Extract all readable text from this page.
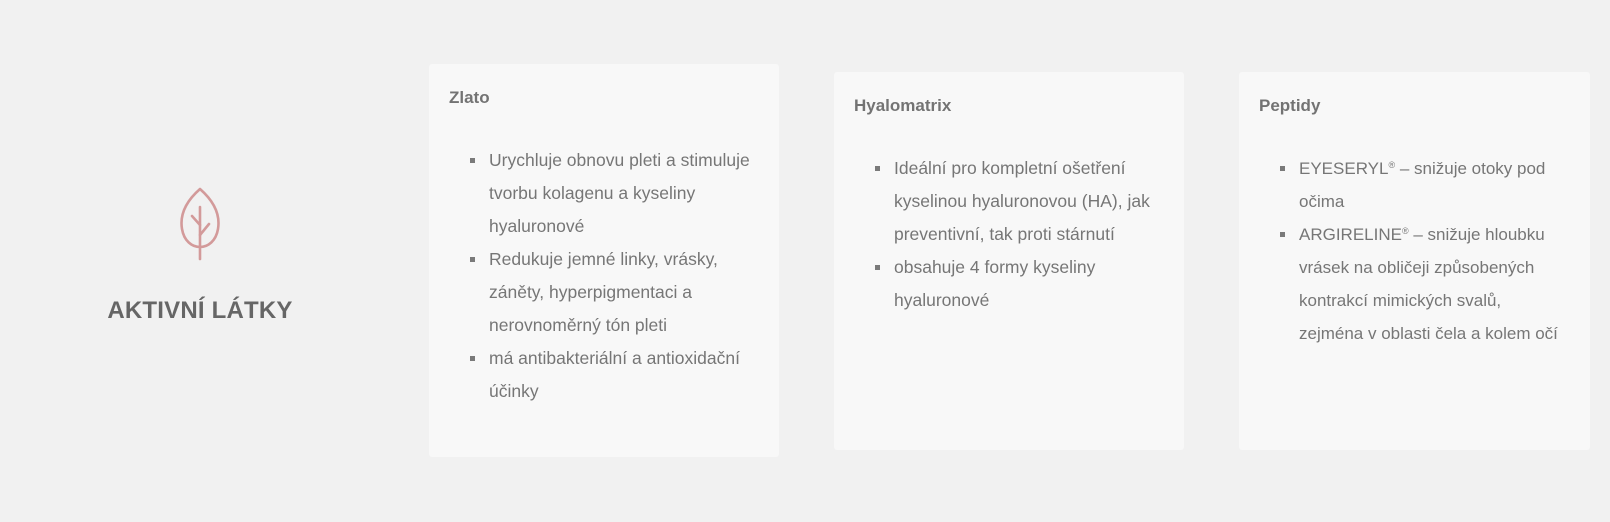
AKTIVNÍ LÁTKY
Zlato
Urychluje obnovu pleti a stimuluje tvorbu kolagenu a kyseliny hyaluronové
Redukuje jemné linky, vrásky, záněty, hyperpigmentaci a nerovnoměrný tón pleti
má antibakteriální a antioxidační účinky
Hyalomatrix
Ideální pro kompletní ošetření kyselinou hyaluronovou (HA), jak preventivní, tak proti stárnutí
obsahuje 4 formy kyseliny hyaluronové
Peptidy
EYESERYL® – snižuje otoky pod očima
ARGIRELINE® – snižuje hloubku vrásek na obličeji způsobených kontrakcí mimických svalů, zejména v oblasti čela a kolem očí
